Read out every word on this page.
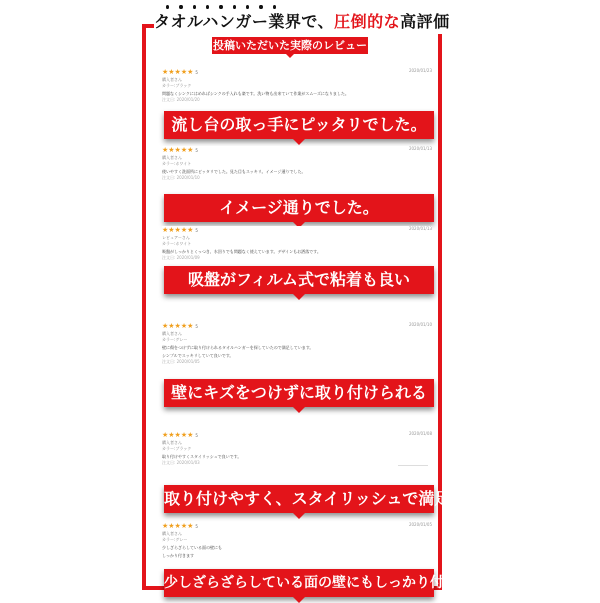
タオルハンガー業界で、圧倒的な高評価
投稿いただいた実際のレビュー
★★★★★ 5	2020/01/23
購入者さん
カラー:ブラック
問題なくシンクにはめればシンクの手入れも楽です。洗い物も出来ていて作業がスムーズになりました。
注文日: 2020/01/20
流し台の取っ手にピッタリでした。
★★★★★ 5	2020/01/13
購入者さん
カラー:ホワイト
使いやすく洗面所にピッタリでした。見た目もスッキリ。イメージ通りでした。
注文日: 2020/01/10
イメージ通りでした。
★★★★★ 5	2020/01/13
レビュアーさん
カラー:ホワイト
吸盤がしっかりとくっつき、水回りでも問題なく使えています。デザインもお洒落です。
注文日: 2020/01/09
吸盤がフィルム式で粘着も良い
★★★★★ 5	2020/01/10
購入者さん
カラー:グレー
壁に傷をつけずに取り付けられるタオルハンガーを探していたので満足しています。
シンプルでスッキリしていて良いです。
注文日: 2020/01/05
壁にキズをつけずに取り付けられる
★★★★★ 5	2020/01/08
購入者さん
カラー:ブラック
取り付けやすくスタイリッシュで良いです。
注文日: 2020/01/03
取り付けやすく、スタイリッシュで満足
★★★★★ 5	2020/01/05
購入者さん
カラー:グレー
少しざらざらしている面の壁にも
しっかり付きます
少しざらざらしている面の壁にもしっかり付く
